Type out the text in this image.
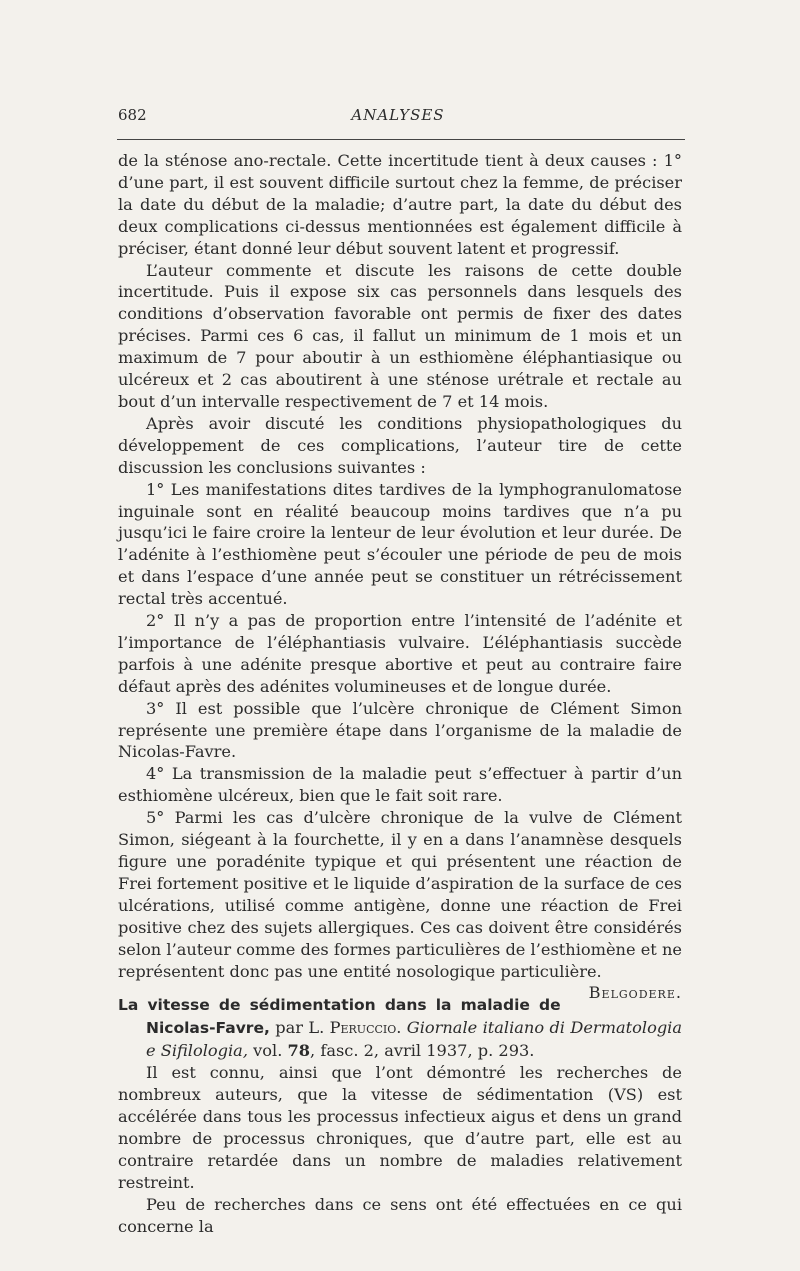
682	ANALYSES

de la sténose ano-rectale. Cette incertitude tient à deux causes : 1° d’une part, il est souvent difficile surtout chez la femme, de préciser la date du début de la maladie; d’autre part, la date du début des deux complications ci-dessus mentionnées est également difficile à préciser, étant donné leur début souvent latent et progressif.

L’auteur commente et discute les raisons de cette double incertitude. Puis il expose six cas personnels dans lesquels des conditions d’observation favorable ont permis de fixer des dates précises. Parmi ces 6 cas, il fallut un minimum de 1 mois et un maximum de 7 pour aboutir à un esthiomène éléphantiasique ou ulcéreux et 2 cas aboutirent à une sténose urétrale et rectale au bout d’un intervalle respectivement de 7 et 14 mois.

Après avoir discuté les conditions physiopathologiques du développement de ces complications, l’auteur tire de cette discussion les conclusions suivantes :

1° Les manifestations dites tardives de la lymphogranulomatose inguinale sont en réalité beaucoup moins tardives que n’a pu jusqu’ici le faire croire la lenteur de leur évolution et leur durée. De l’adénite à l’esthiomène peut s’écouler une période de peu de mois et dans l’espace d’une année peut se constituer un rétrécissement rectal très accentué.

2° Il n’y a pas de proportion entre l’intensité de l’adénite et l’importance de l’éléphantiasis vulvaire. L’éléphantiasis succède parfois à une adénite presque abortive et peut au contraire faire défaut après des adénites volumineuses et de longue durée.

3° Il est possible que l’ulcère chronique de Clément Simon représente une première étape dans l’organisme de la maladie de Nicolas-Favre.

4° La transmission de la maladie peut s’effectuer à partir d’un esthiomène ulcéreux, bien que le fait soit rare.

5° Parmi les cas d’ulcère chronique de la vulve de Clément Simon, siégeant à la fourchette, il y en a dans l’anamnèse desquels figure une poradénite typique et qui présentent une réaction de Frei fortement positive et le liquide d’aspiration de la surface de ces ulcérations, utilisé comme antigène, donne une réaction de Frei positive chez des sujets allergiques. Ces cas doivent être considérés selon l’auteur comme des formes particulières de l’esthiomène et ne représentent donc pas une entité nosologique particulière.
Belgodere.

La vitesse de sédimentation dans la maladie de Nicolas-Favre, par L. Peruccio. Giornale italiano di Dermatologia e Sifilologia, vol. 78, fasc. 2, avril 1937, p. 293.

Il est connu, ainsi que l’ont démontré les recherches de nombreux auteurs, que la vitesse de sédimentation (VS) est accélérée dans tous les processus infectieux aigus et dens un grand nombre de processus chroniques, que d’autre part, elle est au contraire retardée dans un nombre de maladies relativement restreint.

Peu de recherches dans ce sens ont été effectuées en ce qui concerne la
